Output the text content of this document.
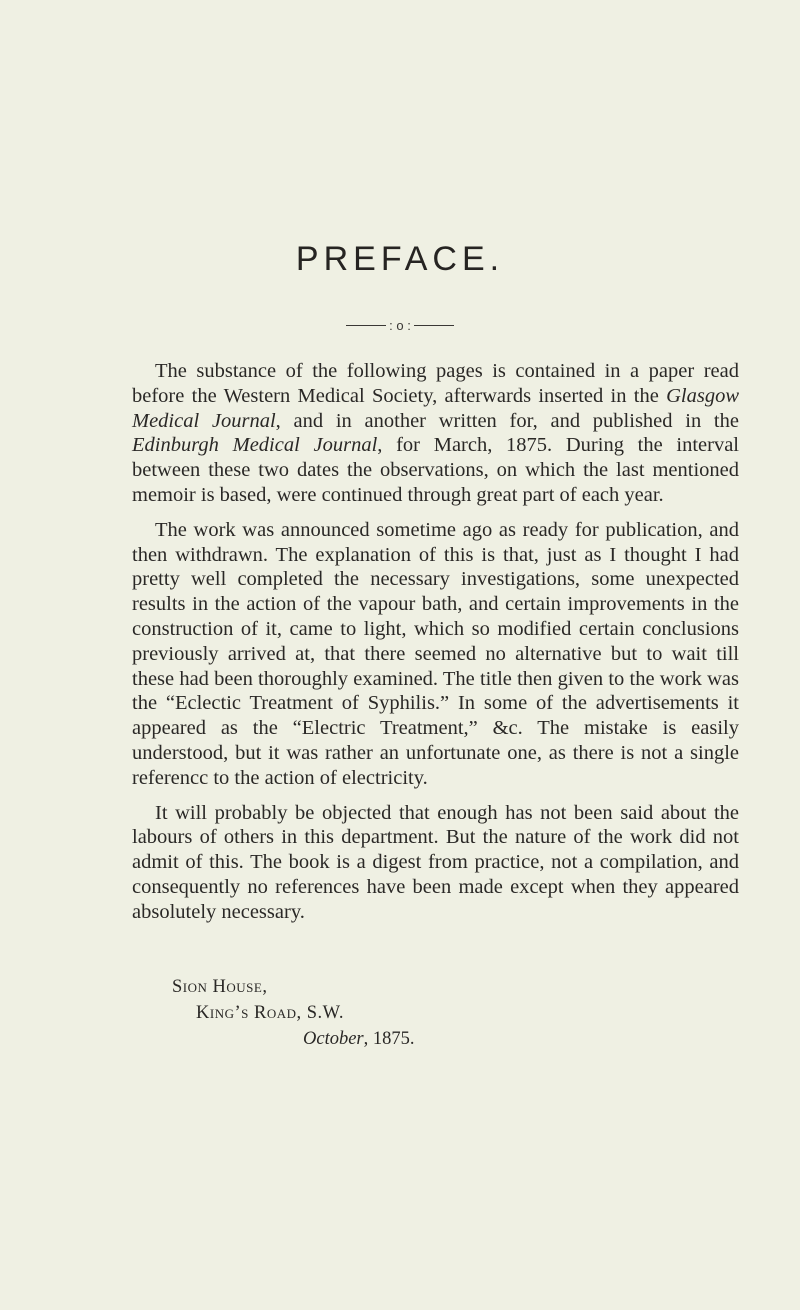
PREFACE.
: o :

The substance of the following pages is contained in a paper read before the Western Medical Society, afterwards inserted in the Glasgow Medical Journal, and in another written for, and published in the Edinburgh Medical Journal, for March, 1875. During the interval between these two dates the observations, on which the last mentioned memoir is based, were continued through great part of each year.

The work was announced sometime ago as ready for publication, and then withdrawn. The explanation of this is that, just as I thought I had pretty well completed the necessary investigations, some unexpected results in the action of the vapour bath, and certain improvements in the construction of it, came to light, which so modified certain conclusions previously arrived at, that there seemed no alternative but to wait till these had been thoroughly examined. The title then given to the work was the “Eclectic Treatment of Syphilis.” In some of the advertisements it appeared as the “Electric Treatment,” &c. The mistake is easily understood, but it was rather an unfortunate one, as there is not a single referencc to the action of electricity.

It will probably be objected that enough has not been said about the labours of others in this department. But the nature of the work did not admit of this. The book is a digest from practice, not a compilation, and consequently no references have been made except when they appeared absolutely necessary.

Sion House,
King’s Road, S.W.
October, 1875.
